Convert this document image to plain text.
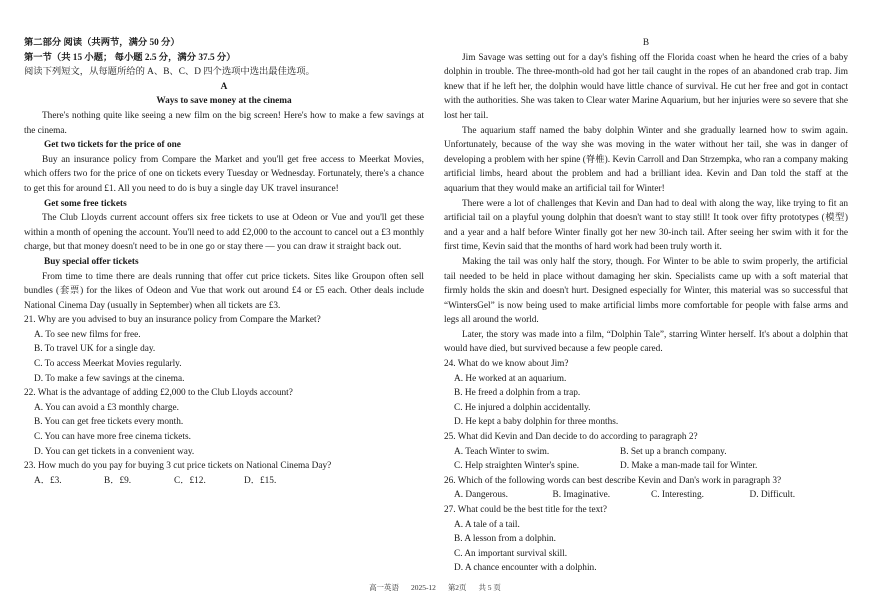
第二部分 阅读（共两节，满分 50 分）

第一节（共 15 小题； 每小题 2.5 分，满分 37.5 分）

阅读下列短文，从每题所给的 A、B、C、D 四个选项中选出最佳选项。

A

Ways to save money at the cinema

There's nothing quite like seeing a new film on the big screen! Here's how to make a few savings at the cinema.

Get two tickets for the price of one

Buy an insurance policy from Compare the Market and you'll get free access to Meerkat Movies, which offers two for the price of one on tickets every Tuesday or Wednesday. Fortunately, there's a chance to get this for around £1. All you need to do is buy a single day UK travel insurance!

Get some free tickets

The Club Lloyds current account offers six free tickets to use at Odeon or Vue and you'll get these within a month of opening the account. You'll need to add £2,000 to the account to cancel out a £3 monthly charge, but that money doesn't need to be in one go or stay there — you can draw it straight back out.

Buy special offer tickets

From time to time there are deals running that offer cut price tickets. Sites like Groupon often sell bundles (套票) for the likes of Odeon and Vue that work out around £4 or £5 each. Other deals include National Cinema Day (usually in September) when all tickets are £3.

21. Why are you advised to buy an insurance policy from Compare the Market?

A. To see new films for free.

B. To travel UK for a single day.

C. To access Meerkat Movies regularly.

D. To make a few savings at the cinema.

22. What is the advantage of adding £2,000 to the Club Lloyds account?

A. You can avoid a £3 monthly charge.

B. You can get free tickets every month.

C. You can have more free cinema tickets.

D. You can get tickets in a convenient way.

23. How much do you pay for buying 3 cut price tickets on National Cinema Day?

A．£3.	B．£9.	C．£12.	D．£15.

B

Jim Savage was setting out for a day's fishing off the Florida coast when he heard the cries of a baby dolphin in trouble. The three-month-old had got her tail caught in the ropes of an abandoned crab trap. Jim knew that if he left her, the dolphin would have little chance of survival. He cut her free and got in contact with the authorities. She was taken to Clear water Marine Aquarium, but her injuries were so severe that she lost her tail.

The aquarium staff named the baby dolphin Winter and she gradually learned how to swim again. Unfortunately, because of the way she was moving in the water without her tail, she was in danger of developing a problem with her spine (脊椎). Kevin Carroll and Dan Strzempka, who ran a company making artificial limbs, heard about the problem and had a brilliant idea. Kevin and Dan told the staff at the aquarium that they would make an artificial tail for Winter!

There were a lot of challenges that Kevin and Dan had to deal with along the way, like trying to fit an artificial tail on a playful young dolphin that doesn't want to stay still! It took over fifty prototypes (模型) and a year and a half before Winter finally got her new 30-inch tail. After seeing her swim with it for the first time, Kevin said that the months of hard work had been truly worth it.

Making the tail was only half the story, though. For Winter to be able to swim properly, the artificial tail needed to be held in place without damaging her skin. Specialists came up with a soft material that firmly holds the skin and doesn't hurt. Designed especially for Winter, this material was so successful that “WintersGel” is now being used to make artificial limbs more comfortable for people with false arms and legs all around the world.

Later, the story was made into a film, “Dolphin Tale”, starring Winter herself. It's about a dolphin that would have died, but survived because a few people cared.

24. What do we know about Jim?

A. He worked at an aquarium.

B. He freed a dolphin from a trap.

C. He injured a dolphin accidentally.

D. He kept a baby dolphin for three months.

25. What did Kevin and Dan decide to do according to paragraph 2?

A. Teach Winter to swim.	B. Set up a branch company.
C. Help straighten Winter's spine.	D. Make a man-made tail for Winter.

26. Which of the following words can best describe Kevin and Dan's work in paragraph 3?

A. Dangerous.	B. Imaginative.	C. Interesting.	D. Difficult.

27. What could be the best title for the text?

A. A tale of a tail.

B. A lesson from a dolphin.

C. An important survival skill.

D. A chance encounter with a dolphin.

高一英语 2025-12 第2页 共 5 页
